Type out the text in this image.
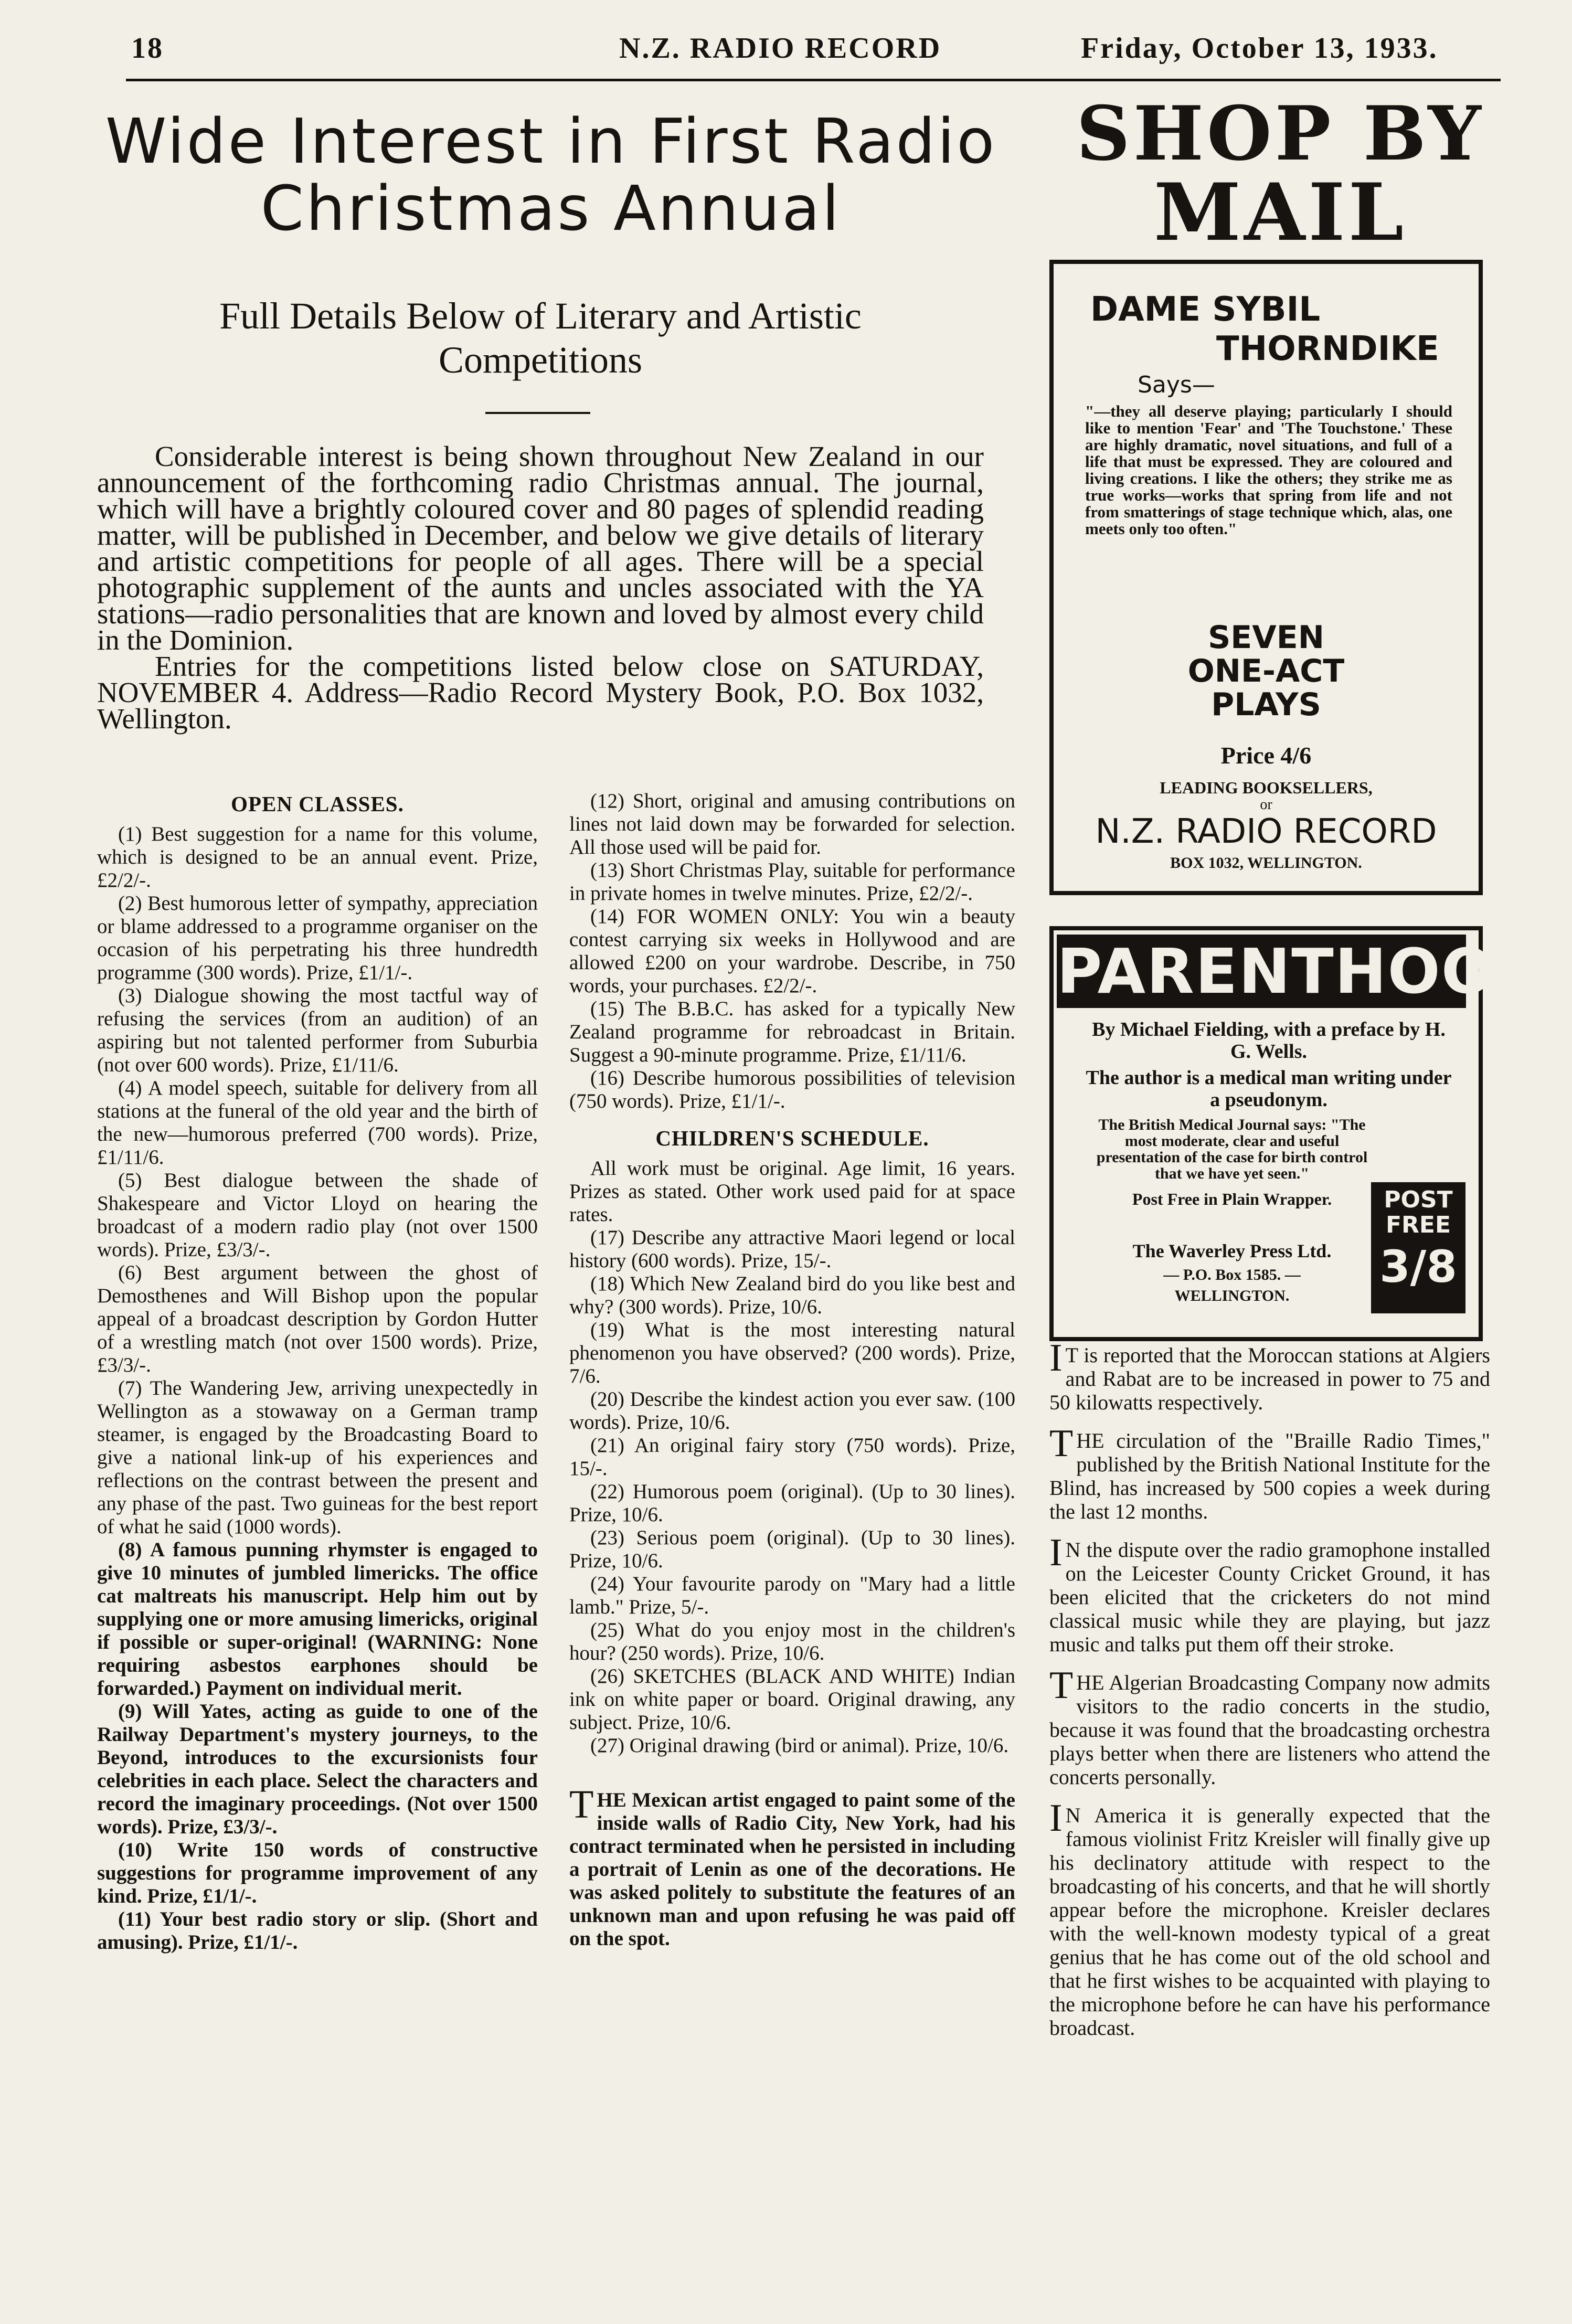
18	N.Z. RADIO RECORD	Friday, October 13, 1933.
Wide Interest in First Radio
Christmas Annual
Full Details Below of Literary and Artistic
Competitions

Considerable interest is being shown throughout New Zealand in our announcement of the forthcoming radio Christmas annual. The journal, which will have a brightly coloured cover and 80 pages of splendid reading matter, will be published in December, and below we give details of literary and artistic competitions for people of all ages. There will be a special photographic supplement of the aunts and uncles associated with the YA stations—radio personalities that are known and loved by almost every child in the Dominion.

Entries for the competitions listed below close on SATURDAY, NOVEMBER 4. Address—Radio Record Mystery Book, P.O. Box 1032, Wellington.

OPEN CLASSES.

(1) Best suggestion for a name for this volume, which is designed to be an annual event. Prize, £2/2/-.

(2) Best humorous letter of sympathy, appreciation or blame addressed to a programme organiser on the occasion of his perpetrating his three hundredth programme (300 words). Prize, £1/1/-.

(3) Dialogue showing the most tactful way of refusing the services (from an audition) of an aspiring but not talented performer from Suburbia (not over 600 words). Prize, £1/11/6.

(4) A model speech, suitable for delivery from all stations at the funeral of the old year and the birth of the new—humorous preferred (700 words). Prize, £1/11/6.

(5) Best dialogue between the shade of Shakespeare and Victor Lloyd on hearing the broadcast of a modern radio play (not over 1500 words). Prize, £3/3/-.

(6) Best argument between the ghost of Demosthenes and Will Bishop upon the popular appeal of a broadcast description by Gordon Hutter of a wrestling match (not over 1500 words). Prize, £3/3/-.

(7) The Wandering Jew, arriving unexpectedly in Wellington as a stowaway on a German tramp steamer, is engaged by the Broadcasting Board to give a national link-up of his experiences and reflections on the contrast between the present and any phase of the past. Two guineas for the best report of what he said (1000 words).

(8) A famous punning rhymster is engaged to give 10 minutes of jumbled limericks. The office cat maltreats his manuscript. Help him out by supplying one or more amusing limericks, original if possible or super-original! (WARNING: None requiring asbestos earphones should be forwarded.) Payment on individual merit.

(9) Will Yates, acting as guide to one of the Railway Department's mystery journeys, to the Beyond, introduces to the excursionists four celebrities in each place. Select the characters and record the imaginary proceedings. (Not over 1500 words). Prize, £3/3/-.

(10) Write 150 words of constructive suggestions for programme improvement of any kind. Prize, £1/1/-.

(11) Your best radio story or slip. (Short and amusing). Prize, £1/1/-.

(12) Short, original and amusing contributions on lines not laid down may be forwarded for selection. All those used will be paid for.

(13) Short Christmas Play, suitable for performance in private homes in twelve minutes. Prize, £2/2/-.

(14) FOR WOMEN ONLY: You win a beauty contest carrying six weeks in Hollywood and are allowed £200 on your wardrobe. Describe, in 750 words, your purchases. £2/2/-.

(15) The B.B.C. has asked for a typically New Zealand programme for rebroadcast in Britain. Suggest a 90-minute programme. Prize, £1/11/6.

(16) Describe humorous possibilities of television (750 words). Prize, £1/1/-.

CHILDREN'S SCHEDULE.

All work must be original. Age limit, 16 years. Prizes as stated. Other work used paid for at space rates.

(17) Describe any attractive Maori legend or local history (600 words). Prize, 15/-.

(18) Which New Zealand bird do you like best and why? (300 words). Prize, 10/6.

(19) What is the most interesting natural phenomenon you have observed? (200 words). Prize, 7/6.

(20) Describe the kindest action you ever saw. (100 words). Prize, 10/6.

(21) An original fairy story (750 words). Prize, 15/-.

(22) Humorous poem (original). (Up to 30 lines). Prize, 10/6.

(23) Serious poem (original). (Up to 30 lines). Prize, 10/6.

(24) Your favourite parody on "Mary had a little lamb." Prize, 5/-.

(25) What do you enjoy most in the children's hour? (250 words). Prize, 10/6.

(26) SKETCHES (BLACK AND WHITE) Indian ink on white paper or board. Original drawing, any subject. Prize, 10/6.

(27) Original drawing (bird or animal). Prize, 10/6.

T HE Mexican artist engaged to paint some of the inside walls of Radio City, New York, had his contract terminated when he persisted in including a portrait of Lenin as one of the decorations. He was asked politely to substitute the features of an unknown man and upon refusing he was paid off on the spot.
SHOP BY
MAIL
DAME SYBIL
THORNDIKE
Says—
"—they all deserve playing; particularly I should like to mention 'Fear' and 'The Touchstone.' These are highly dramatic, novel situations, and full of a life that must be expressed. They are coloured and living creations. I like the others; they strike me as true works—works that spring from life and not from smatterings of stage technique which, alas, one meets only too often."
SEVEN
ONE-ACT
PLAYS
Price 4/6
LEADING BOOKSELLERS,
or
N.Z. RADIO RECORD
BOX 1032, WELLINGTON.
PARENTHOOD
By Michael Fielding, with a preface by H. G. Wells.
The author is a medical man writing under a pseudonym.
The British Medical Journal says: "The most moderate, clear and useful presentation of the case for birth control that we have yet seen."
Post Free in Plain Wrapper.
The Waverley Press Ltd.
— P.O. Box 1585. —
WELLINGTON.
POST
FREE
3/8

I T is reported that the Moroccan stations at Algiers and Rabat are to be increased in power to 75 and 50 kilowatts respectively.

THE circulation of the "Braille Radio Times," published by the British National Institute for the Blind, has increased by 500 copies a week during the last 12 months.

I N the dispute over the radio gramophone installed on the Leicester County Cricket Ground, it has been elicited that the cricketers do not mind classical music while they are playing, but jazz music and talks put them off their stroke.

THE Algerian Broadcasting Company now admits visitors to the radio concerts in the studio, because it was found that the broadcasting orchestra plays better when there are listeners who attend the concerts personally.

I N America it is generally expected that the famous violinist Fritz Kreisler will finally give up his declinatory attitude with respect to the broadcasting of his concerts, and that he will shortly appear before the microphone. Kreisler declares with the well-known modesty typical of a great genius that he has come out of the old school and that he first wishes to be acquainted with playing to the microphone before he can have his performance broadcast.
